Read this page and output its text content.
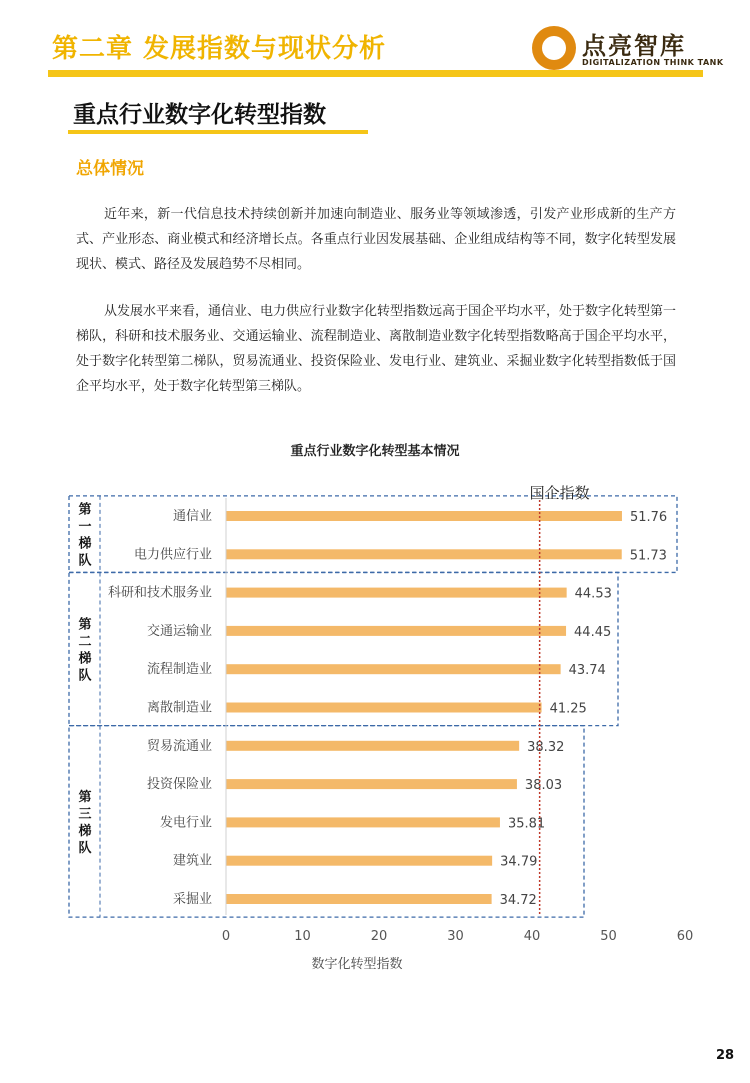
第二章 发展指数与现状分析	点亮智库
DIGITALIZATION THINK TANK
重点行业数字化转型指数
总体情况
近年来，新一代信息技术持续创新并加速向制造业、服务业等领域渗透，引发产业形成新的生产方式、产业形态、商业模式和经济增长点。各重点行业因发展基础、企业组成结构等不同，数字化转型发展现状、模式、路径及发展趋势不尽相同。
从发展水平来看，通信业、电力供应行业数字化转型指数远高于国企平均水平，处于数字化转型第一梯队，科研和技术服务业、交通运输业、流程制造业、离散制造业数字化转型指数略高于国企平均水平，处于数字化转型第二梯队，贸易流通业、投资保险业、发电行业、建筑业、采掘业数字化转型指数低于国企平均水平，处于数字化转型第三梯队。
重点行业数字化转型基本情况
通信业	51.76
电力供应行业	51.73
科研和技术服务业	44.53
交通运输业	44.45
流程制造业	43.74
离散制造业	41.25
贸易流通业	38.32
投资保险业	38.03
发电行业	35.81
建筑业	34.79
采掘业	34.72
第一梯队
第二梯队
第三梯队
0	10	20	30	40	50	60
国企指数
数字化转型指数
28
